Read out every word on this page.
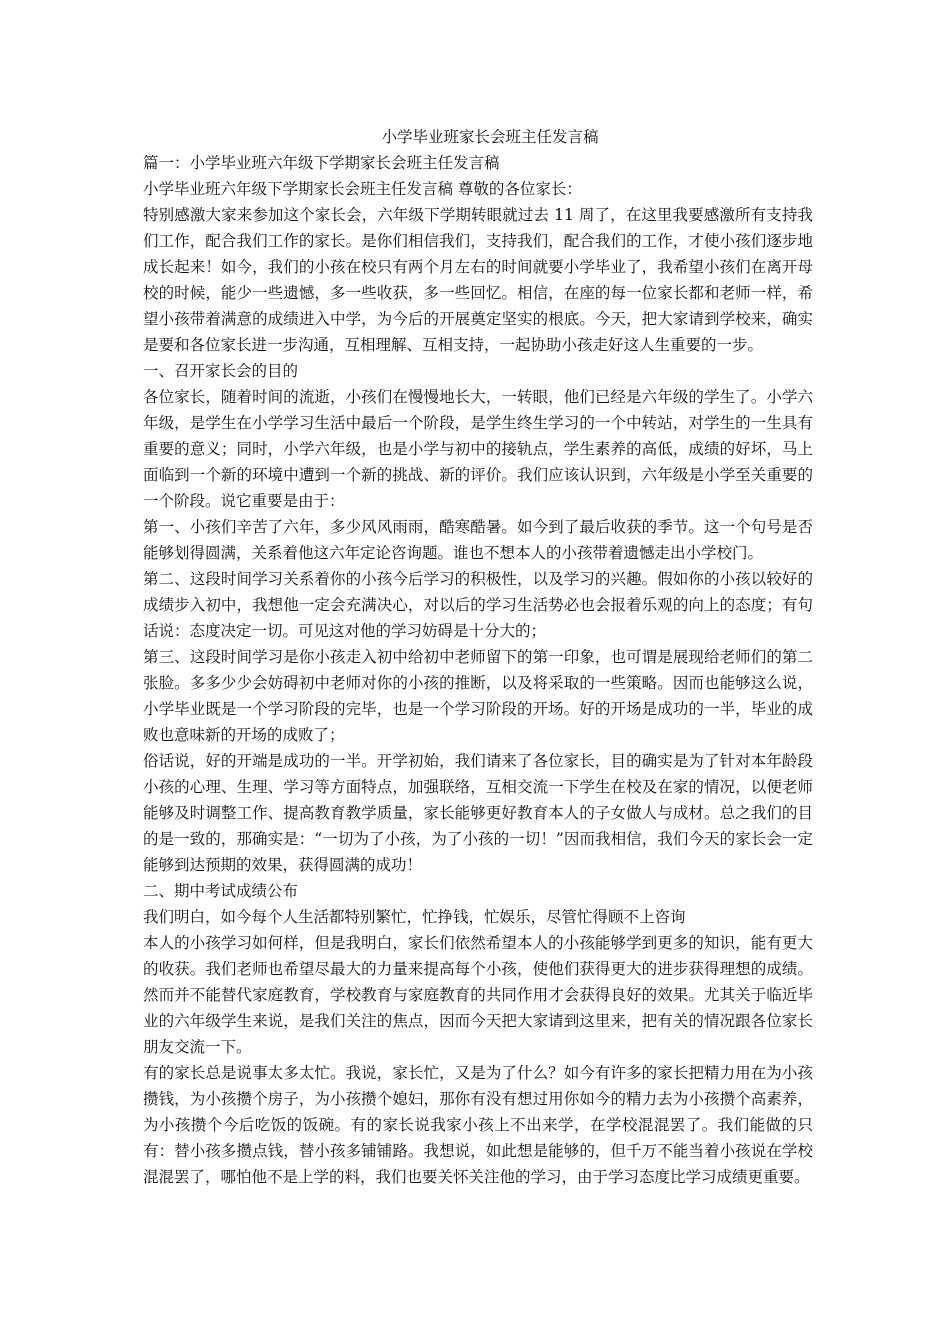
小学毕业班家长会班主任发言稿

篇一：小学毕业班六年级下学期家长会班主任发言稿

小学毕业班六年级下学期家长会班主任发言稿 尊敬的各位家长：

特别感激大家来参加这个家长会，六年级下学期转眼就过去 11 周了，在这里我要感激所有支持我们工作，配合我们工作的家长。是你们相信我们，支持我们，配合我们的工作，才使小孩们逐步地成长起来！如今，我们的小孩在校只有两个月左右的时间就要小学毕业了，我希望小孩们在离开母校的时候，能少一些遗憾，多一些收获，多一些回忆。相信，在座的每一位家长都和老师一样，希望小孩带着满意的成绩进入中学，为今后的开展奠定坚实的根底。今天，把大家请到学校来，确实是要和各位家长进一步沟通，互相理解、互相支持，一起协助小孩走好这人生重要的一步。

一、召开家长会的目的

各位家长，随着时间的流逝，小孩们在慢慢地长大，一转眼，他们已经是六年级的学生了。小学六年级，是学生在小学学习生活中最后一个阶段，是学生终生学习的一个中转站，对学生的一生具有重要的意义；同时，小学六年级，也是小学与初中的接轨点，学生素养的高低，成绩的好坏，马上面临到一个新的环境中遭到一个新的挑战、新的评价。我们应该认识到，六年级是小学至关重要的一个阶段。说它重要是由于：

第一、小孩们辛苦了六年，多少风风雨雨，酷寒酷暑。如今到了最后收获的季节。这一个句号是否能够划得圆满，关系着他这六年定论咨询题。谁也不想本人的小孩带着遗憾走出小学校门。

第二、这段时间学习关系着你的小孩今后学习的积极性，以及学习的兴趣。假如你的小孩以较好的成绩步入初中，我想他一定会充满决心，对以后的学习生活势必也会报着乐观的向上的态度；有句话说：态度决定一切。可见这对他的学习妨碍是十分大的；

第三、这段时间学习是你小孩走入初中给初中老师留下的第一印象，也可谓是展现给老师们的第二张脸。多多少少会妨碍初中老师对你的小孩的推断，以及将采取的一些策略。因而也能够这么说，小学毕业既是一个学习阶段的完毕，也是一个学习阶段的开场。好的开场是成功的一半，毕业的成败也意味新的开场的成败了；

俗话说，好的开端是成功的一半。开学初始，我们请来了各位家长，目的确实是为了针对本年龄段小孩的心理、生理、学习等方面特点，加强联络，互相交流一下学生在校及在家的情况，以便老师能够及时调整工作、提高教育教学质量，家长能够更好教育本人的子女做人与成材。总之我们的目的是一致的，那确实是：“一切为了小孩，为了小孩的一切！”因而我相信，我们今天的家长会一定能够到达预期的效果，获得圆满的成功！

二、期中考试成绩公布

我们明白，如今每个人生活都特别繁忙，忙挣钱，忙娱乐，尽管忙得顾不上咨询

本人的小孩学习如何样，但是我明白，家长们依然希望本人的小孩能够学到更多的知识，能有更大的收获。我们老师也希望尽最大的力量来提高每个小孩，使他们获得更大的进步获得理想的成绩。然而并不能替代家庭教育，学校教育与家庭教育的共同作用才会获得良好的效果。尤其关于临近毕业的六年级学生来说，是我们关注的焦点，因而今天把大家请到这里来，把有关的情况跟各位家长朋友交流一下。

有的家长总是说事太多太忙。我说，家长忙，又是为了什么？如今有许多的家长把精力用在为小孩攒钱，为小孩攒个房子，为小孩攒个媳妇，那你有没有想过用你如今的精力去为小孩攒个高素养，为小孩攒个今后吃饭的饭碗。有的家长说我家小孩上不出来学，在学校混混罢了。我们能做的只有：替小孩多攒点钱，替小孩多铺铺路。我想说，如此想是能够的，但千万不能当着小孩说在学校混混罢了，哪怕他不是上学的料，我们也要关怀关注他的学习，由于学习态度比学习成绩更重要。
